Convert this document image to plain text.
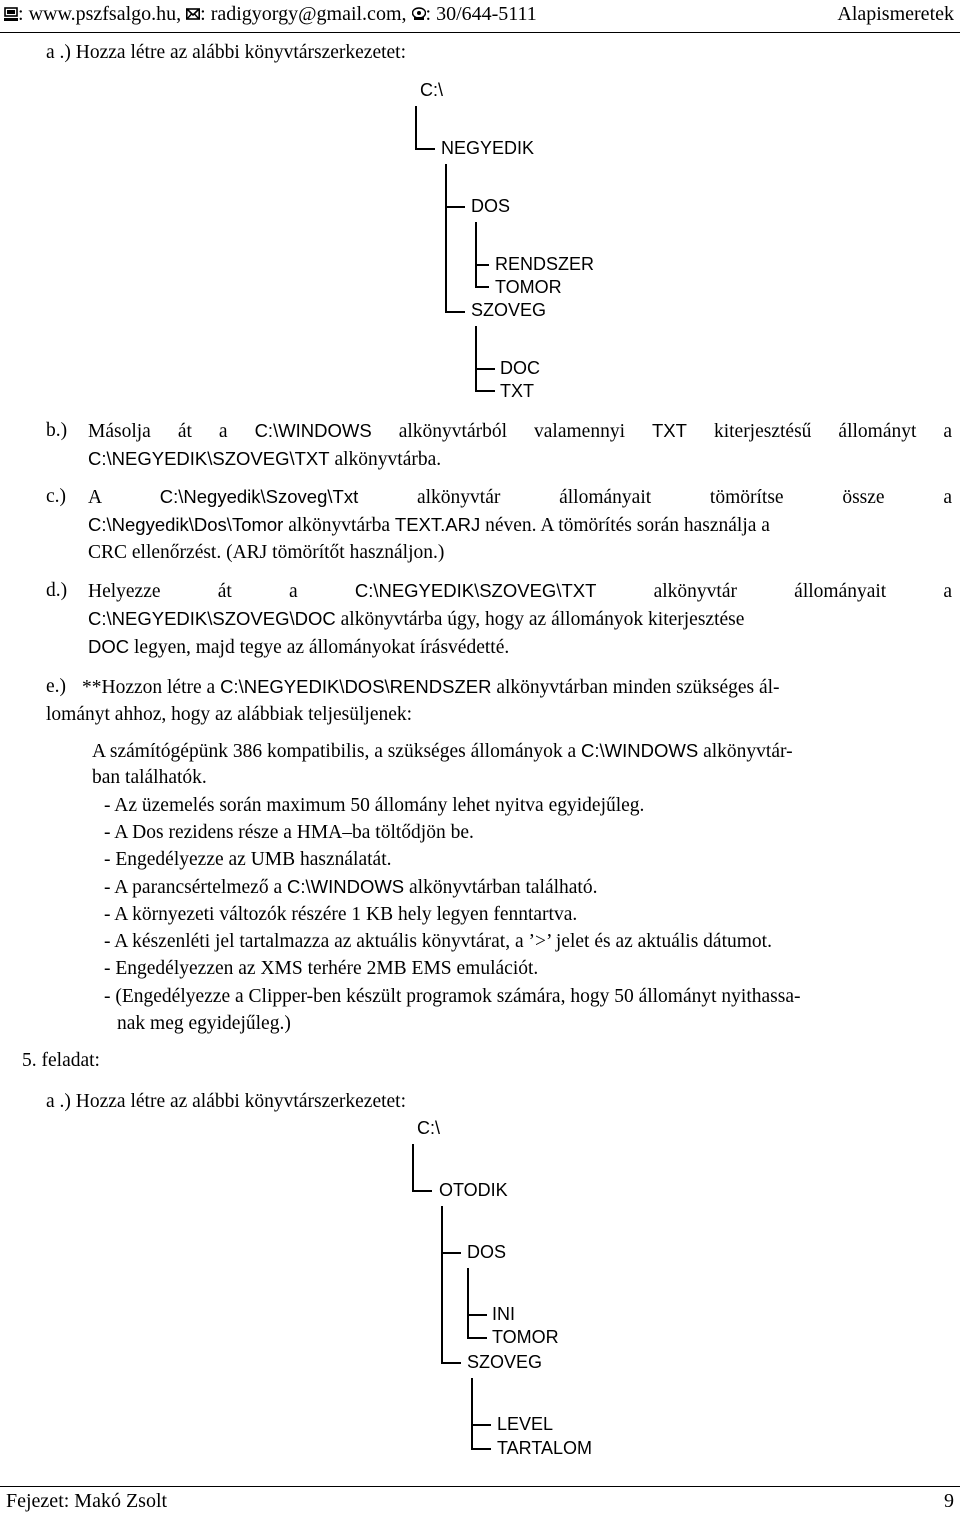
: www.pszfsalgo.hu, : radigyorgy@gmail.com, : 30/644-5111	Alapismeretek
a .) Hozza létre az alábbi könyvtárszerkezetet:
C:\
NEGYEDIK
DOS
SZOVEG
RENDSZER
TOMOR
DOC
TXT
b.) Másolja át a C:\WINDOWS alkönyvtárból valamennyi TXT kiterjesztésű állományt a
C:\NEGYEDIK\SZOVEG\TXT alkönyvtárba.
c.) A	C:\Negyedik\Szoveg\Txt	alkönyvtár	állományait	tömörítse	össze	a
C:\Negyedik\Dos\Tomor alkönyvtárba TEXT.ARJ néven. A tömörítés során használja a
CRC ellenőrzést. (ARJ tömörítőt használjon.)
d.) Helyezze	át	a	C:\NEGYEDIK\SZOVEG\TXT	alkönyvtár	állományait	a
C:\NEGYEDIK\SZOVEG\DOC alkönyvtárba úgy, hogy az állományok kiterjesztése
DOC legyen, majd tegye az állományokat írásvédetté.
e.) **Hozzon létre a C:\NEGYEDIK\DOS\RENDSZER alkönyvtárban minden szükséges ál-
lományt ahhoz, hogy az alábbiak teljesüljenek:
A számítógépünk 386 kompatibilis, a szükséges állományok a C:\WINDOWS alkönyvtár-
ban találhatók.
- Az üzemelés során maximum 50 állomány lehet nyitva egyidejűleg.
- A Dos rezidens része a HMA–ba töltődjön be.
- Engedélyezze az UMB használatát.
- A parancsértelmező a C:\WINDOWS alkönyvtárban található.
- A környezeti változók részére 1 KB hely legyen fenntartva.
- A készenléti jel tartalmazza az aktuális könyvtárat, a ’>’ jelet és az aktuális dátumot.
- Engedélyezzen az XMS terhére 2MB EMS emulációt.
- (Engedélyezze a Clipper-ben készült programok számára, hogy 50 állományt nyithassa-
nak meg egyidejűleg.)
5. feladat:
a .) Hozza létre az alábbi könyvtárszerkezetet:
C:\
OTODIK
DOS
SZOVEG
INI
TOMOR
LEVEL
TARTALOM
Fejezet: Makó Zsolt	9
